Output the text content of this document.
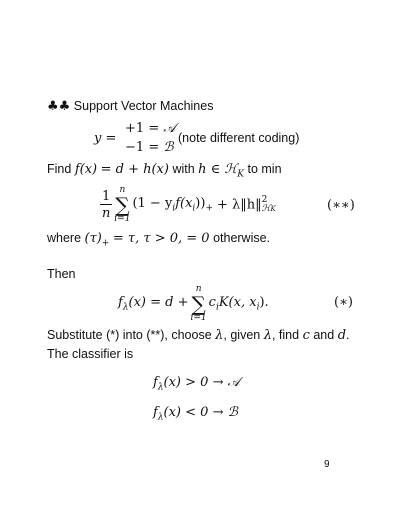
♣♣ Support Vector Machines
y =
+1 = 𝒜
−1 = ℬ
(note different coding)
Find f(x) = d + h(x) with h ∈ ℋ$_K$ to min
$\frac{1}{n}$ n
∑
i=1
$(1 - y_if(x_i))_+$ + λ‖h‖ 2
ℋK	(∗∗)
where $(\tau)_+ = \tau$, τ > 0, = 0 otherwise.
Then
$f_\lambda(x) = d$ +
n
∑
i=1
$c_iK(x$, $x_i$).	(∗)
Substitute (*) into (**), choose λ, given λ, find c and d.
The classifier is
$f_\lambda(x) > 0$ → 𝒜
$f_\lambda(x) < 0$ → ℬ
9
